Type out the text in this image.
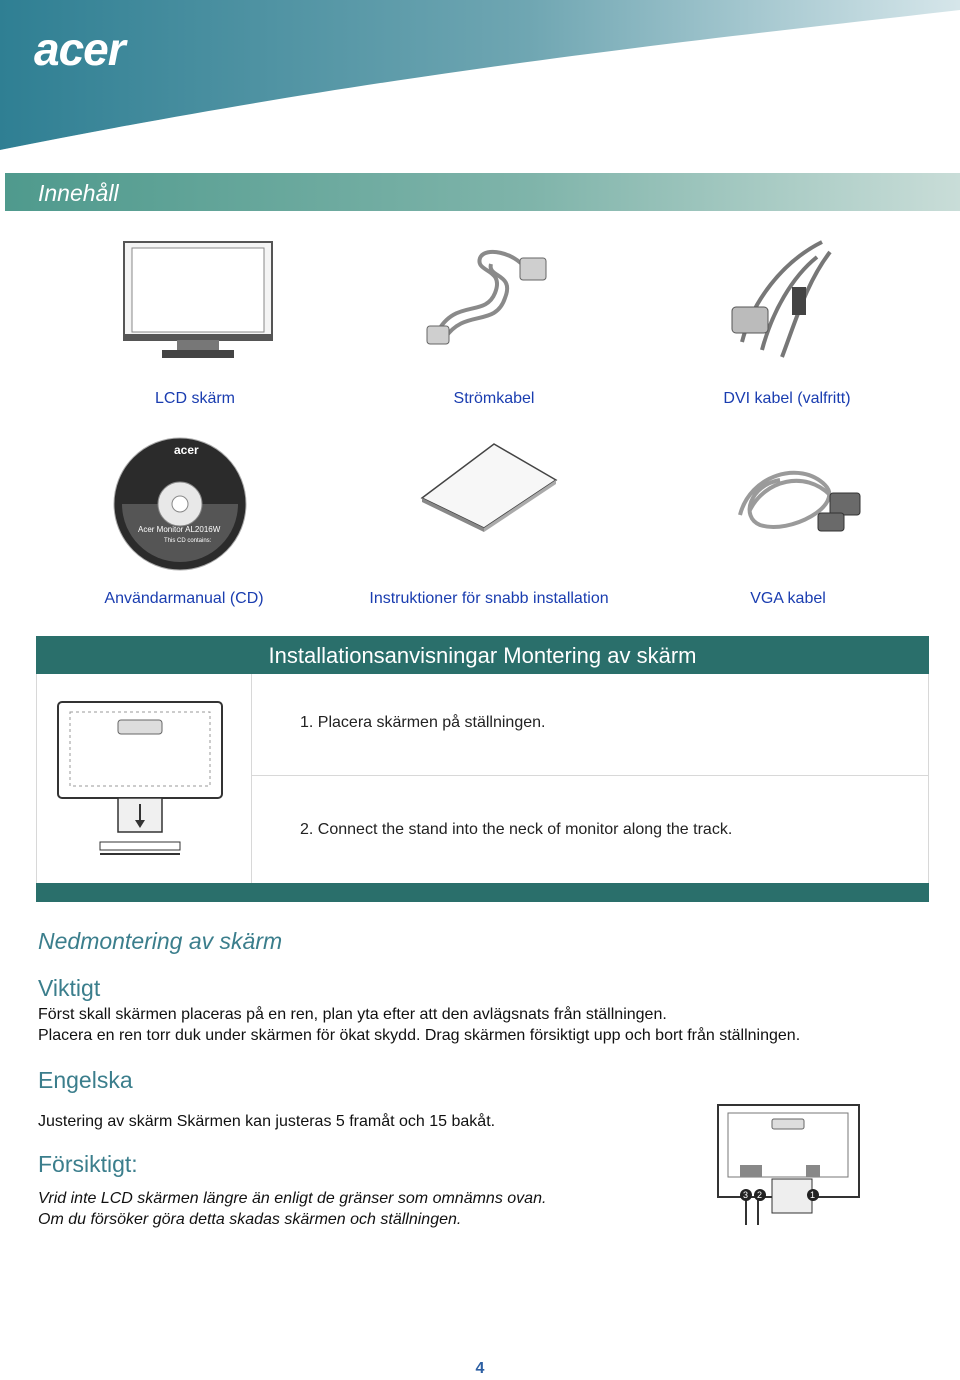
acer
Innehåll
LCD skärm	Strömkabel	DVI kabel (valfritt)
acer
Acer Monitor AL2016W
This CD contains:
Användarmanual (CD)	Instruktioner för snabb installation	VGA kabel
Installationsanvisningar Montering av skärm
1. Placera skärmen på ställningen.
2. Connect the stand into the neck of monitor along the track.
Nedmontering av skärm
Viktigt
Först skall skärmen placeras på en ren, plan yta efter att den avlägsnats från ställningen.
Placera en ren torr duk under skärmen för ökat skydd. Drag skärmen försiktigt upp och bort från ställningen.
Engelska
Justering av skärm Skärmen kan justeras 5 framåt och 15 bakåt.
Försiktigt:
Vrid inte LCD skärmen längre än enligt de gränser som omnämns ovan.
Om du försöker göra detta skadas skärmen och ställningen.
3 2	1
4
